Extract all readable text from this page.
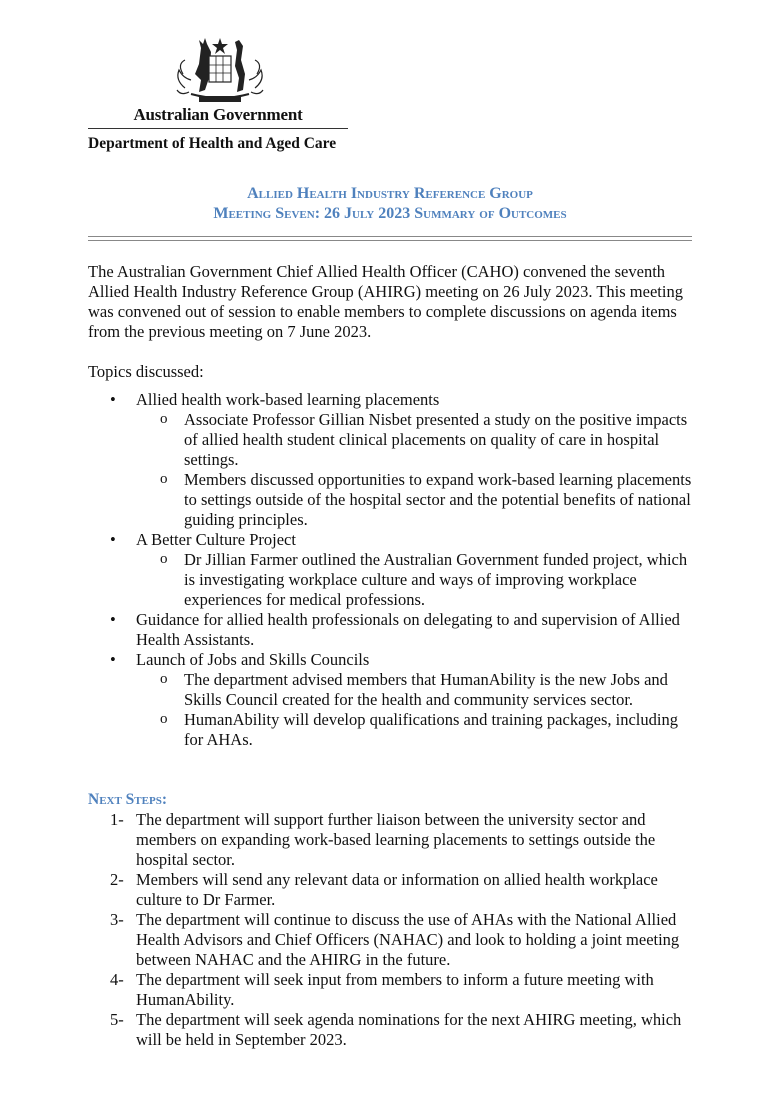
Australian Government
Department of Health and Aged Care
Allied Health Industry Reference Group
Meeting Seven: 26 July 2023 Summary of Outcomes

The Australian Government Chief Allied Health Officer (CAHO) convened the seventh Allied Health Industry Reference Group (AHIRG) meeting on 26 July 2023. This meeting was convened out of session to enable members to complete discussions on agenda items from the previous meeting on 7 June 2023.

Topics discussed:
• Allied health work-based learning placements
o Associate Professor Gillian Nisbet presented a study on the positive impacts of allied health student clinical placements on quality of care in hospital settings.
o Members discussed opportunities to expand work-based learning placements to settings outside of the hospital sector and the potential benefits of national guiding principles.
• A Better Culture Project
o Dr Jillian Farmer outlined the Australian Government funded project, which is investigating workplace culture and ways of improving workplace experiences for medical professions.
• Guidance for allied health professionals on delegating to and supervision of Allied Health Assistants.
• Launch of Jobs and Skills Councils
o The department advised members that HumanAbility is the new Jobs and Skills Council created for the health and community services sector.
o HumanAbility will develop qualifications and training packages, including for AHAs.
Next Steps:
1- The department will support further liaison between the university sector and members on expanding work-based learning placements to settings outside the hospital sector.
2- Members will send any relevant data or information on allied health workplace culture to Dr Farmer.
3- The department will continue to discuss the use of AHAs with the National Allied Health Advisors and Chief Officers (NAHAC) and look to holding a joint meeting between NAHAC and the AHIRG in the future.
4- The department will seek input from members to inform a future meeting with HumanAbility.
5- The department will seek agenda nominations for the next AHIRG meeting, which will be held in September 2023.
